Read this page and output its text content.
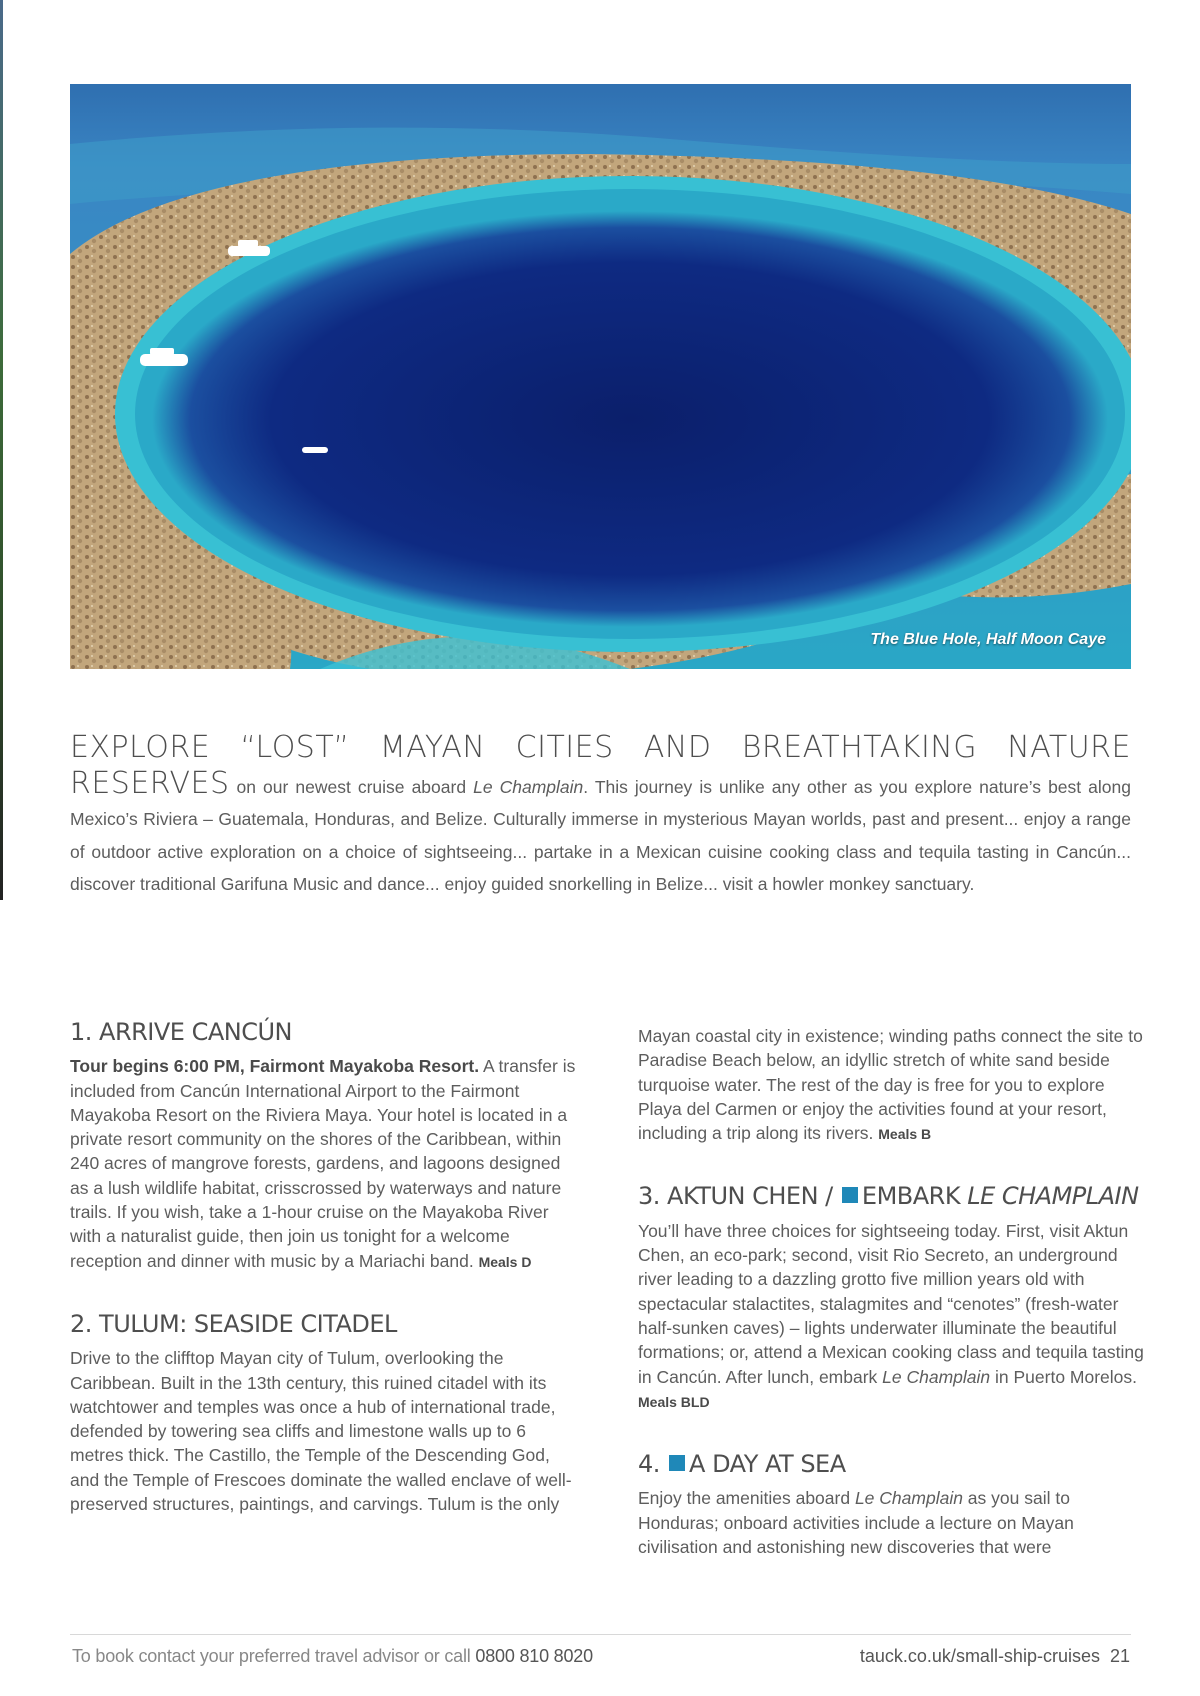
The Blue Hole, Half Moon Caye
EXPLORE “LOST” MAYAN CITIES AND BREATHTAKING NATURE RESERVES on our newest cruise aboard Le Champlain. This journey is unlike any other as you explore nature’s best along Mexico’s Riviera – Guatemala, Honduras, and Belize. Culturally immerse in mysterious Mayan worlds, past and present... enjoy a range of outdoor active exploration on a choice of sightseeing... partake in a Mexican cuisine cooking class and tequila tasting in Cancún... discover traditional Garifuna Music and dance... enjoy guided snorkelling in Belize... visit a howler monkey sanctuary.
1. ARRIVE CANCÚN

Tour begins 6:00 PM, Fairmont Mayakoba Resort. A transfer is included from Cancún International Airport to the Fairmont Mayakoba Resort on the Riviera Maya. Your hotel is located in a private resort community on the shores of the Caribbean, within 240 acres of mangrove forests, gardens, and lagoons designed as a lush wildlife habitat, crisscrossed by waterways and nature trails. If you wish, take a 1-hour cruise on the Mayakoba River with a naturalist guide, then join us tonight for a welcome reception and dinner with music by a Mariachi band. Meals D

2. TULUM: SEASIDE CITADEL

Drive to the clifftop Mayan city of Tulum, overlooking the Caribbean. Built in the 13th century, this ruined citadel with its watchtower and temples was once a hub of international trade, defended by towering sea cliffs and limestone walls up to 6 metres thick. The Castillo, the Temple of the Descending God, and the Temple of Frescoes dominate the walled enclave of well-preserved structures, paintings, and carvings. Tulum is the only

Mayan coastal city in existence; winding paths connect the site to Paradise Beach below, an idyllic stretch of white sand beside turquoise water. The rest of the day is free for you to explore Playa del Carmen or enjoy the activities found at your resort, including a trip along its rivers. Meals B

3. AKTUN CHEN / EMBARK LE CHAMPLAIN

You’ll have three choices for sightseeing today. First, visit Aktun Chen, an eco-park; second, visit Rio Secreto, an underground river leading to a dazzling grotto five million years old with spectacular stalactites, stalagmites and “cenotes” (fresh-water half-sunken caves) – lights underwater illuminate the beautiful formations; or, attend a Mexican cooking class and tequila tasting in Cancún. After lunch, embark Le Champlain in Puerto Morelos. Meals BLD

4. A DAY AT SEA

Enjoy the amenities aboard Le Champlain as you sail to Honduras; onboard activities include a lecture on Mayan civilisation and astonishing new discoveries that were

To book contact your preferred travel advisor or call 0800 810 8020	tauck.co.uk/small-ship-cruises 21
